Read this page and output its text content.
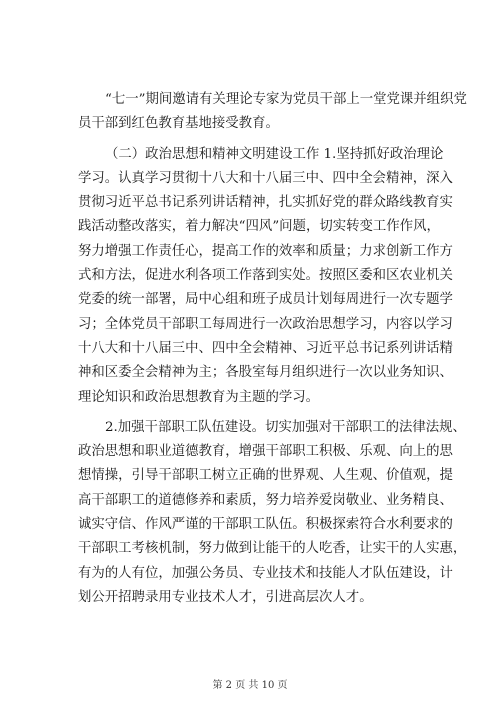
“七一”期间邀请有关理论专家为党员干部上一堂党课并组织党
员干部到红色教育基地接受教育。
（二）政治思想和精神文明建设工作 1.坚持抓好政治理论
学习。认真学习贯彻十八大和十八届三中、四中全会精神，深入
贯彻习近平总书记系列讲话精神，扎实抓好党的群众路线教育实
践活动整改落实，着力解决“四风”问题，切实转变工作作风，
努力增强工作责任心，提高工作的效率和质量；力求创新工作方
式和方法，促进水利各项工作落到实处。按照区委和区农业机关
党委的统一部署，局中心组和班子成员计划每周进行一次专题学
习；全体党员干部职工每周进行一次政治思想学习，内容以学习
十八大和十八届三中、四中全会精神、习近平总书记系列讲话精
神和区委全会精神为主；各股室每月组织进行一次以业务知识、
理论知识和政治思想教育为主题的学习。
2.加强干部职工队伍建设。切实加强对干部职工的法律法规、
政治思想和职业道德教育，增强干部职工积极、乐观、向上的思
想情操，引导干部职工树立正确的世界观、人生观、价值观，提
高干部职工的道德修养和素质，努力培养爱岗敬业、业务精良、
诚实守信、作风严谨的干部职工队伍。积极探索符合水利要求的
干部职工考核机制，努力做到让能干的人吃香，让实干的人实惠，
有为的人有位，加强公务员、专业技术和技能人才队伍建设，计
划公开招聘录用专业技术人才，引进高层次人才。
第 2 页 共 10 页
